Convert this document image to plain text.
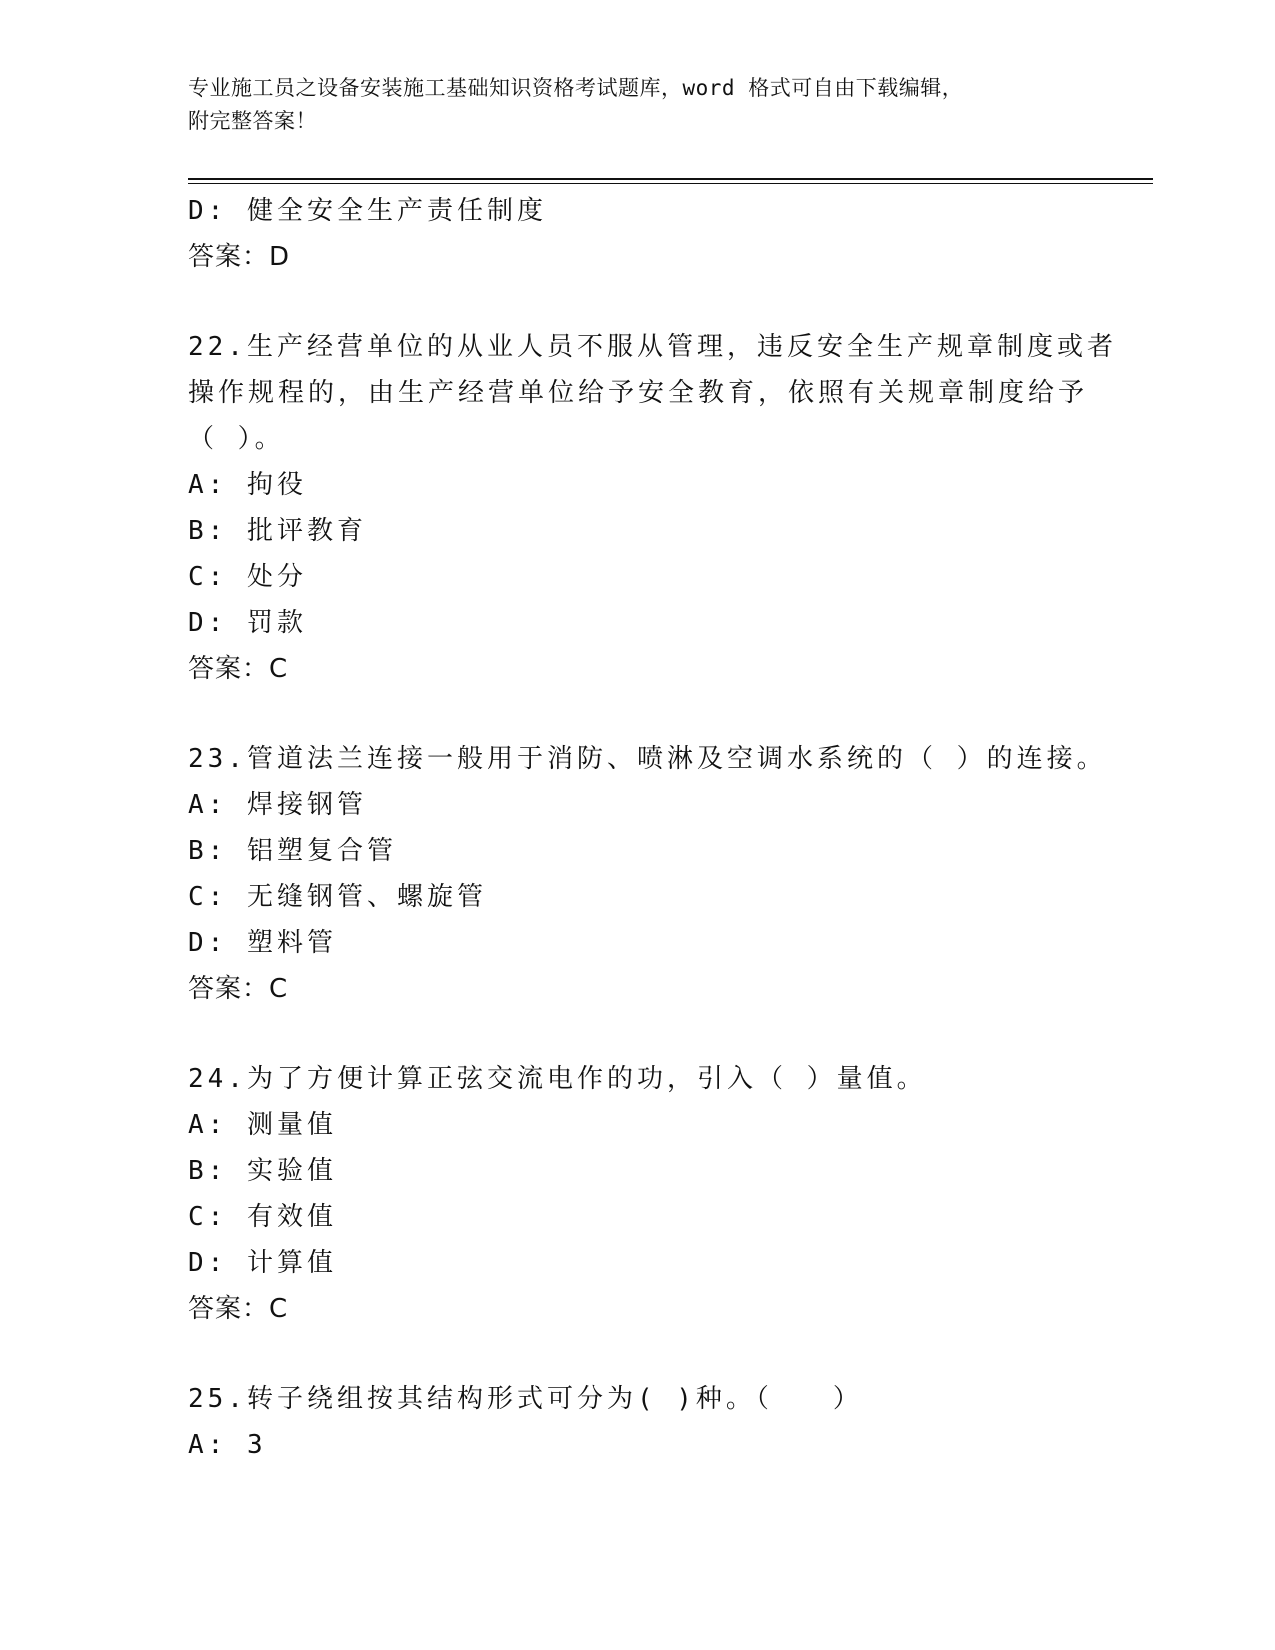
专业施工员之设备安装施工基础知识资格考试题库，word 格式可自由下载编辑，
附完整答案！
D: 健全安全生产责任制度
答案：D
22.生产经营单位的从业人员不服从管理，违反安全生产规章制度或者
操作规程的，由生产经营单位给予安全教育，依照有关规章制度给予
（ ）。
A: 拘役
B: 批评教育
C: 处分
D: 罚款
答案：C
23.管道法兰连接一般用于消防、喷淋及空调水系统的（ ）的连接。
A: 焊接钢管
B: 铝塑复合管
C: 无缝钢管、螺旋管
D: 塑料管
答案：C
24.为了方便计算正弦交流电作的功，引入（ ）量值。
A: 测量值
B: 实验值
C: 有效值
D: 计算值
答案：C
25.转子绕组按其结构形式可分为( )种。（　　）
A: 3
